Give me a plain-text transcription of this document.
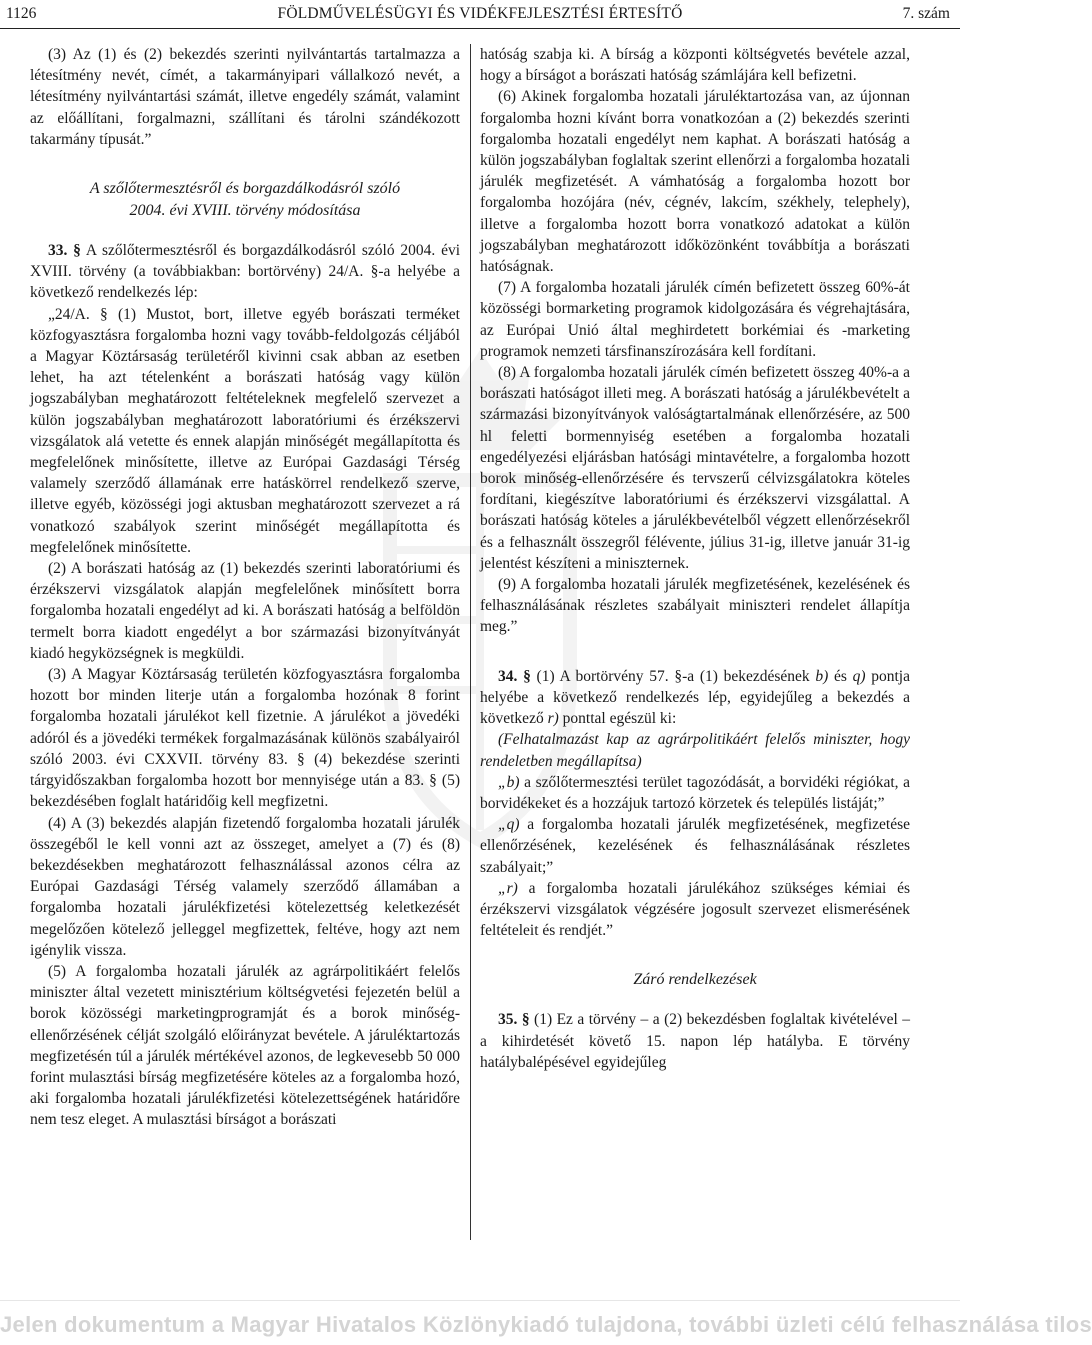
1126	FÖLDMŰVELÉSÜGYI ÉS VIDÉKFEJLESZTÉSI ÉRTESÍTŐ	7. szám

(3) Az (1) és (2) bekezdés szerinti nyilvántartás tartalmazza a létesítmény nevét, címét, a takarmányipari vállalkozó nevét, a létesítmény nyilvántartási számát, illetve engedély számát, valamint az előállítani, forgalmazni, szállítani és tárolni szándékozott takarmány típusát.”

A szőlőtermesztésről és borgazdálkodásról szóló
2004. évi XVIII. törvény módosítása

33. § A szőlőtermesztésről és borgazdálkodásról szóló 2004. évi XVIII. törvény (a továbbiakban: bortörvény) 24/A. §-a helyébe a következő rendelkezés lép:

„24/A. § (1) Mustot, bort, illetve egyéb borászati terméket közfogyasztásra forgalomba hozni vagy tovább-feldolgozás céljából a Magyar Köztársaság területéről kivinni csak abban az esetben lehet, ha azt tételenként a borászati hatóság vagy külön jogszabályban meghatározott feltételeknek megfelelő szervezet a külön jogszabályban meghatározott laboratóriumi és érzékszervi vizsgálatok alá vetette és ennek alapján minőségét megállapította és megfelelőnek minősítette, illetve az Európai Gazdasági Térség valamely szerződő államának erre hatáskörrel rendelkező szerve, illetve egyéb, közösségi jogi aktusban meghatározott szervezet a rá vonatkozó szabályok szerint minőségét megállapította és megfelelőnek minősítette.

(2) A borászati hatóság az (1) bekezdés szerinti laboratóriumi és érzékszervi vizsgálatok alapján megfelelőnek minősített borra forgalomba hozatali engedélyt ad ki. A borászati hatóság a belföldön termelt borra kiadott engedélyt a bor származási bizonyítványát kiadó hegyközségnek is megküldi.

(3) A Magyar Köztársaság területén közfogyasztásra forgalomba hozott bor minden literje után a forgalomba hozónak 8 forint forgalomba hozatali járulékot kell fizetnie. A járulékot a jövedéki adóról és a jövedéki termékek forgalmazásának különös szabályairól szóló 2003. évi CXXVII. törvény 83. § (4) bekezdése szerinti tárgyidőszakban forgalomba hozott bor mennyisége után a 83. § (5) bekezdésében foglalt határidőig kell megfizetni.

(4) A (3) bekezdés alapján fizetendő forgalomba hozatali járulék összegéből le kell vonni azt az összeget, amelyet a (7) és (8) bekezdésekben meghatározott felhasználással azonos célra az Európai Gazdasági Térség valamely szerződő államában a forgalomba hozatali járulékfizetési kötelezettség keletkezését megelőzően kötelező jelleggel megfizettek, feltéve, hogy azt nem igénylik vissza.

(5) A forgalomba hozatali járulék az agrárpolitikáért felelős miniszter által vezetett minisztérium költségvetési fejezetén belül a borok közösségi marketingprogramját és a borok minőség-ellenőrzésének célját szolgáló előirányzat bevétele. A járuléktartozás megfizetésén túl a járulék mértékével azonos, de legkevesebb 50 000 forint mulasztási bírság megfizetésére köteles az a forgalomba hozó, aki forgalomba hozatali járulékfizetési kötelezettségének határidőre nem tesz eleget. A mulasztási bírságot a borászati

hatóság szabja ki. A bírság a központi költségvetés bevétele azzal, hogy a bírságot a borászati hatóság számlájára kell befizetni.

(6) Akinek forgalomba hozatali járuléktartozása van, az újonnan forgalomba hozni kívánt borra vonatkozóan a (2) bekezdés szerinti forgalomba hozatali engedélyt nem kaphat. A borászati hatóság a külön jogszabályban foglaltak szerint ellenőrzi a forgalomba hozatali járulék megfizetését. A vámhatóság a forgalomba hozott bor forgalomba hozójára (név, cégnév, lakcím, székhely, telephely), illetve a forgalomba hozott borra vonatkozó adatokat a külön jogszabályban meghatározott időközönként továbbítja a borászati hatóságnak.

(7) A forgalomba hozatali járulék címén befizetett összeg 60%-át közösségi bormarketing programok kidolgozására és végrehajtására, az Európai Unió által meghirdetett borkémiai és -marketing programok nemzeti társfinanszírozására kell fordítani.

(8) A forgalomba hozatali járulék címén befizetett összeg 40%-a a borászati hatóságot illeti meg. A borászati hatóság a járulékbevételt a származási bizonyítványok valóságtartalmának ellenőrzésére, az 500 hl feletti bormennyiség esetében a forgalomba hozatali engedélyezési eljárásban hatósági mintavételre, a forgalomba hozott borok minőség-ellenőrzésére és tervszerű célvizsgálatokra köteles fordítani, kiegészítve laboratóriumi és érzékszervi vizsgálattal. A borászati hatóság köteles a járulékbevételből végzett ellenőrzésekről és a felhasznált összegről félévente, július 31-ig, illetve január 31-ig jelentést készíteni a miniszternek.

(9) A forgalomba hozatali járulék megfizetésének, kezelésének és felhasználásának részletes szabályait miniszteri rendelet állapítja meg.”

34. § (1) A bortörvény 57. §-a (1) bekezdésének b) és q) pontja helyébe a következő rendelkezés lép, egyidejűleg a bekezdés a következő r) ponttal egészül ki:

(Felhatalmazást kap az agrárpolitikáért felelős miniszter, hogy rendeletben megállapítsa)

„b) a szőlőtermesztési terület tagozódását, a borvidéki régiókat, a borvidékeket és a hozzájuk tartozó körzetek és település listáját;”

„q) a forgalomba hozatali járulék megfizetésének, megfizetése ellenőrzésének, kezelésének és felhasználásának részletes szabályait;”

„r) a forgalomba hozatali járulékához szükséges kémiai és érzékszervi vizsgálatok végzésére jogosult szervezet elismerésének feltételeit és rendjét.”

Záró rendelkezések

35. § (1) Ez a törvény – a (2) bekezdésben foglaltak kivételével – a kihirdetését követő 15. napon lép hatályba. E törvény hatálybalépésével egyidejűleg

Jelen dokumentum a Magyar Hivatalos Közlönykiadó tulajdona, további üzleti célú felhasználása tilos
